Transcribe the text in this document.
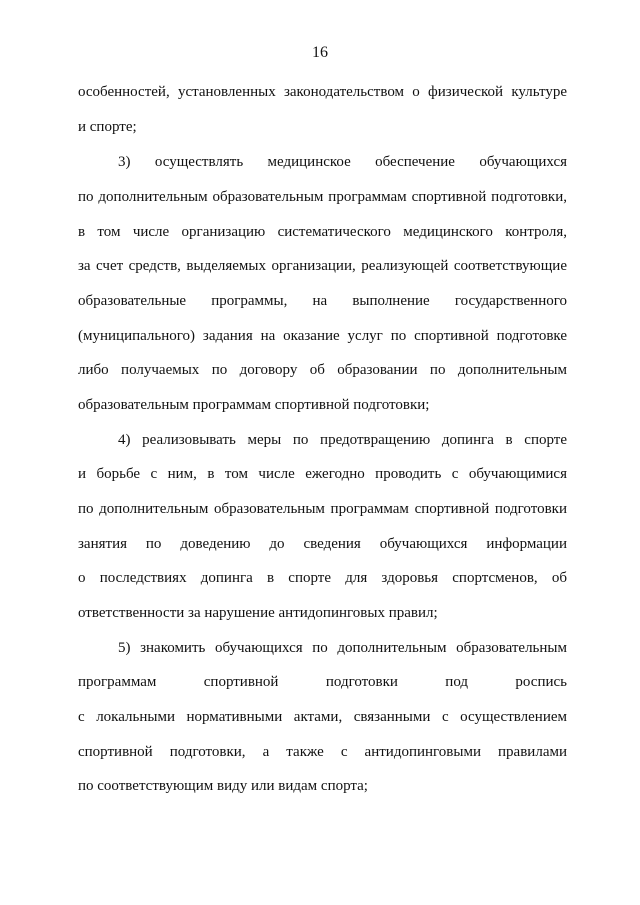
16
особенностей, установленных законодательством о физической культуре
и спорте;
3) осуществлять медицинское обеспечение обучающихся
по дополнительным образовательным программам спортивной подготовки,
в том числе организацию систематического медицинского контроля,
за счет средств, выделяемых организации, реализующей соответствующие
образовательные программы, на выполнение государственного
(муниципального) задания на оказание услуг по спортивной подготовке
либо получаемых по договору об образовании по дополнительным
образовательным программам спортивной подготовки;
4) реализовывать меры по предотвращению допинга в спорте
и борьбе с ним, в том числе ежегодно проводить с обучающимися
по дополнительным образовательным программам спортивной подготовки
занятия по доведению до сведения обучающихся информации
о последствиях допинга в спорте для здоровья спортсменов, об
ответственности за нарушение антидопинговых правил;
5) знакомить обучающихся по дополнительным образовательным
программам спортивной подготовки под роспись
с локальными нормативными актами, связанными с осуществлением
спортивной подготовки, а также с антидопинговыми правилами
по соответствующим виду или видам спорта;
